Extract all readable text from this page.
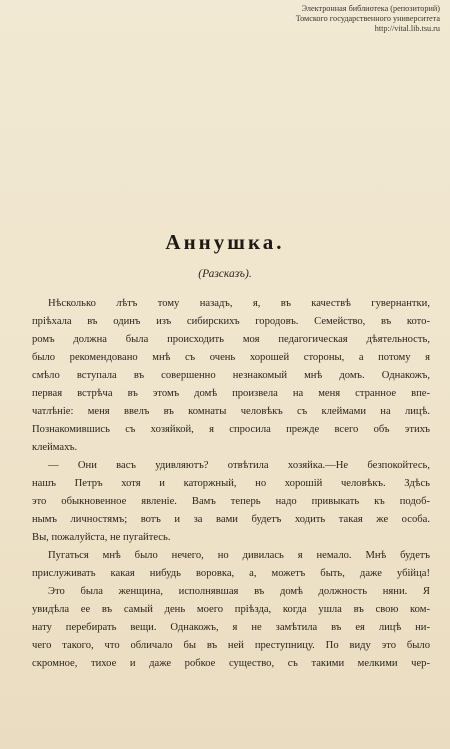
Электронная библиотека (репозиторий)
Томского государственного университета
http://vital.lib.tsu.ru
Аннушка.
(Разсказъ).
Нѣсколько лѣтъ тому назадъ, я, въ качествѣ гувернантки,
пріѣхала въ одинъ изъ сибирскихъ городовъ. Семейство, въ кото-
ромъ должна была происходить моя педагогическая дѣятельность,
было рекомендовано мнѣ съ очень хорошей стороны, а потому я
смѣло вступала въ совершенно незнакомый мнѣ домъ. Однакожъ,
первая встрѣча въ этомъ домѣ произвела на меня странное впе-
чатлѣніе: меня ввелъ въ комнаты человѣкъ съ клеймами на лицѣ.
Познакомившись съ хозяйкой, я спросила прежде всего объ этихъ
клеймахъ.
— Они васъ удивляютъ? отвѣтила хозяйка.—Не безпокойтесь,
нашъ Петръ хотя и каторжный, но хорошій человѣкъ. Здѣсь
это обыкновенное явленіе. Вамъ теперь надо привыкать къ подоб-
нымъ личностямъ; вотъ и за вами будетъ ходить такая же особа.
Вы, пожалуйста, не пугайтесь.
Пугаться мнѣ было нечего, но дивилась я немало. Мнѣ будетъ
прислуживать какая нибудь воровка, а, можетъ быть, даже убійца!
Это была женщина, исполнявшая въ домѣ должность няни. Я
увидѣла ее въ самый день моего пріѣзда, когда ушла въ свою ком-
нату перебирать вещи. Однакожъ, я не замѣтила въ ея лицѣ ни-
чего такого, что обличало бы въ ней преступницу. По виду это было
скромное, тихое и даже робкое существо, съ такими мелкими чер-
